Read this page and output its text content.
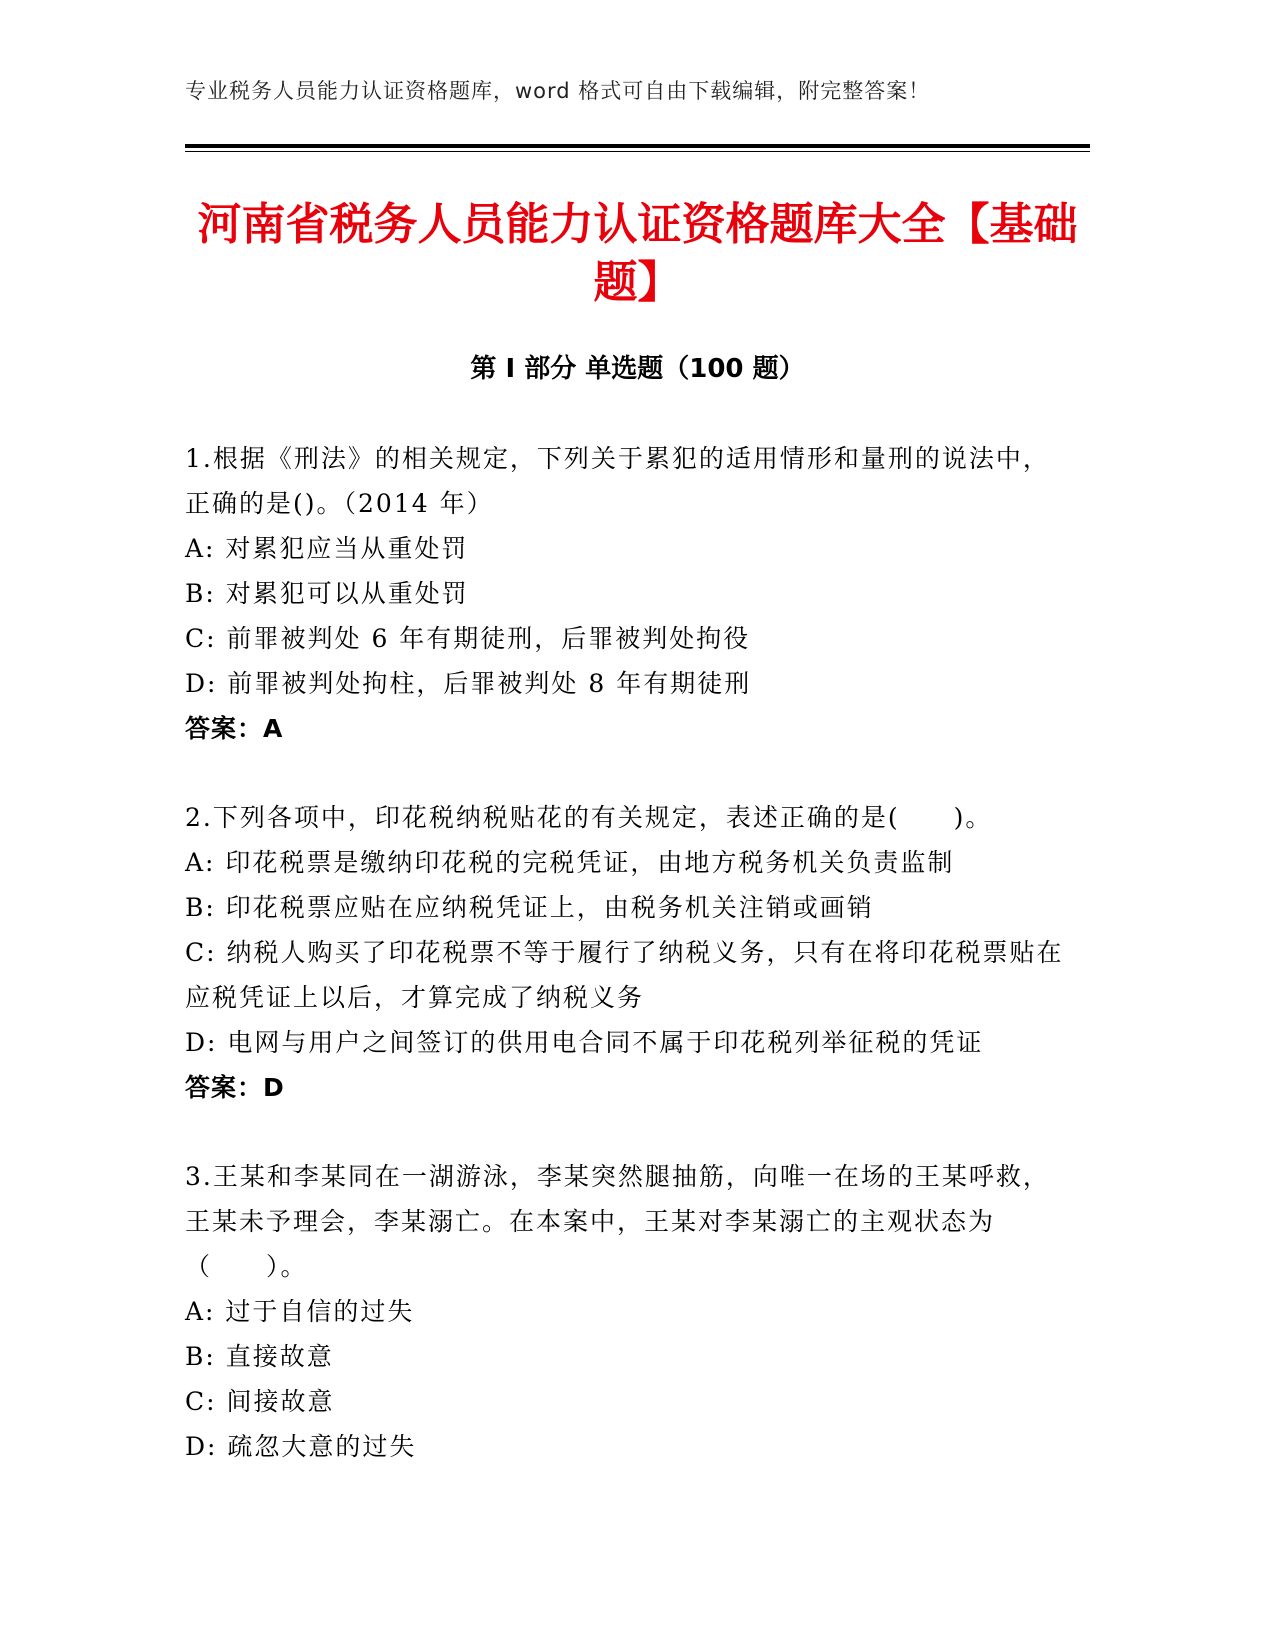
专业税务人员能力认证资格题库，word 格式可自由下载编辑，附完整答案！
河南省税务人员能力认证资格题库大全【基础题】
第 I 部分 单选题（100 题）
1.根据《刑法》的相关规定，下列关于累犯的适用情形和量刑的说法中，正确的是()。（2014 年）
A: 对累犯应当从重处罚
B: 对累犯可以从重处罚
C: 前罪被判处 6 年有期徒刑，后罪被判处拘役
D: 前罪被判处拘柱，后罪被判处 8 年有期徒刑
答案：A
2.下列各项中，印花税纳税贴花的有关规定，表述正确的是(　　)。
A: 印花税票是缴纳印花税的完税凭证，由地方税务机关负责监制
B: 印花税票应贴在应纳税凭证上，由税务机关注销或画销
C: 纳税人购买了印花税票不等于履行了纳税义务，只有在将印花税票贴在应税凭证上以后，才算完成了纳税义务
D: 电网与用户之间签订的供用电合同不属于印花税列举征税的凭证
答案：D
3.王某和李某同在一湖游泳，李某突然腿抽筋，向唯一在场的王某呼救，王某未予理会，李某溺亡。在本案中，王某对李某溺亡的主观状态为（　　）。
A: 过于自信的过失
B: 直接故意
C: 间接故意
D: 疏忽大意的过失
